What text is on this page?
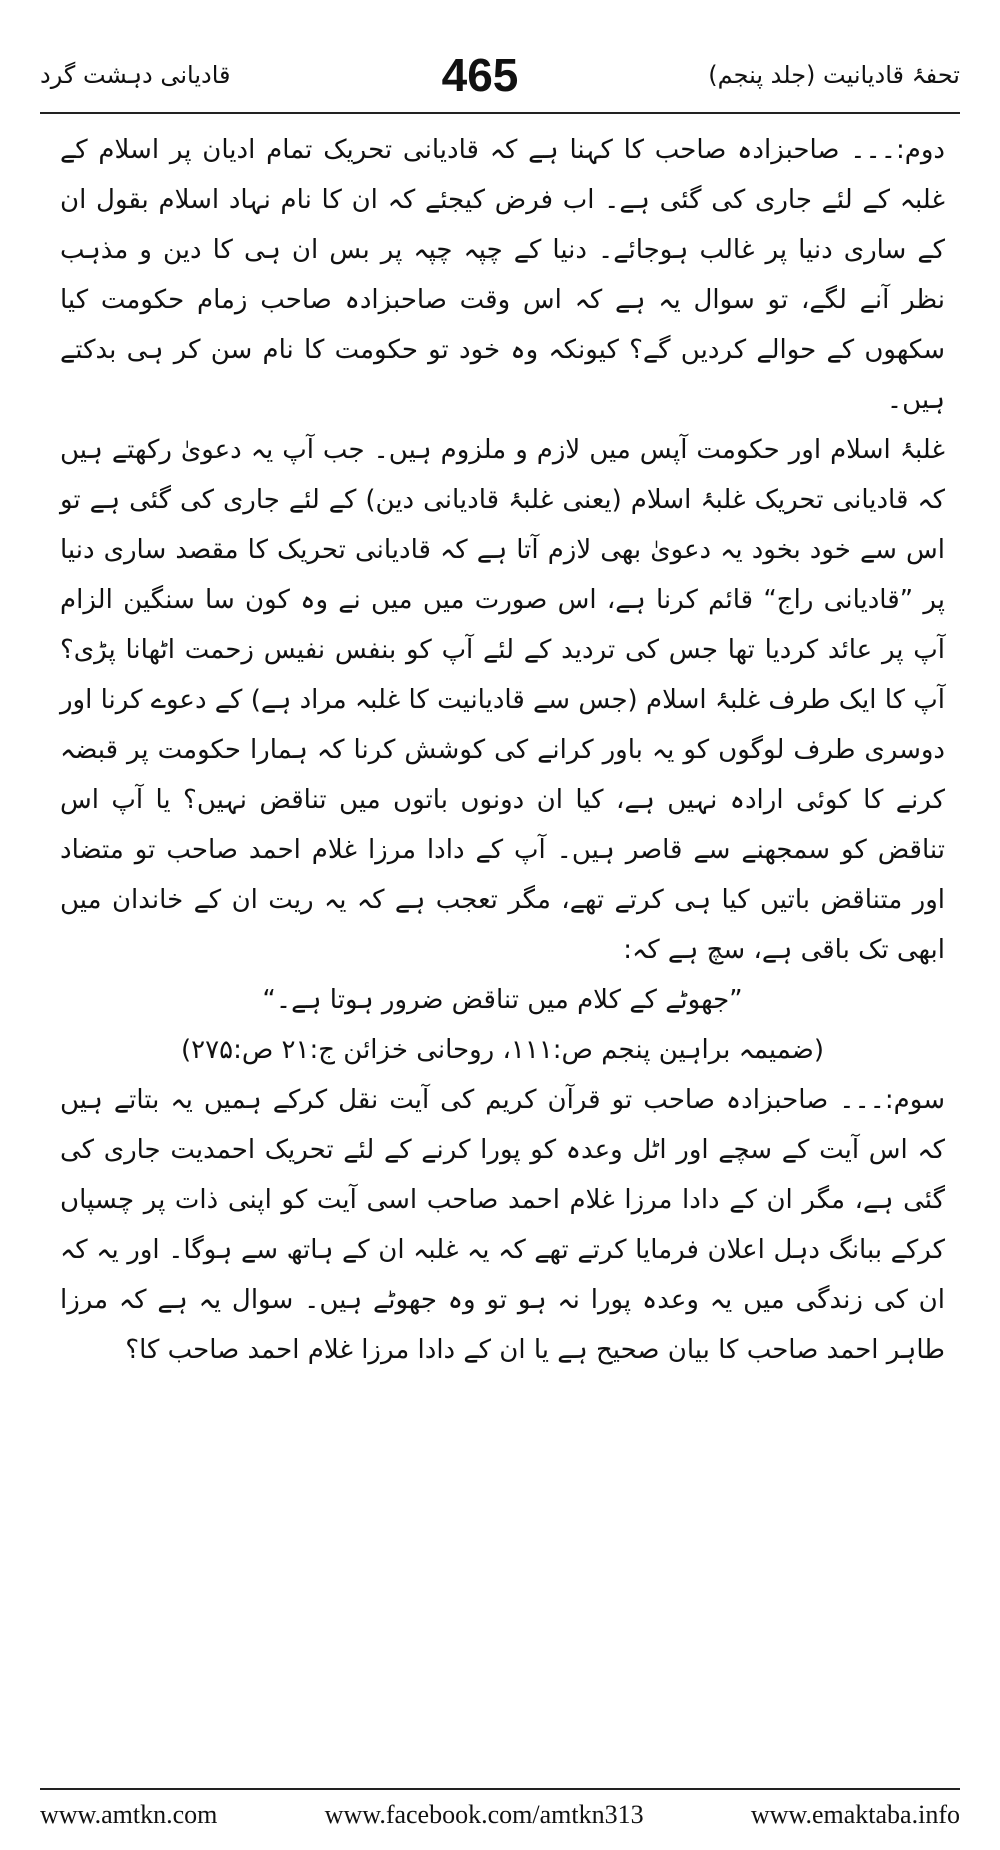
قادیانی دہشت گرد	465	تحفۂ قادیانیت (جلد پنجم)

دوم:۔۔۔ صاحبزادہ صاحب کا کہنا ہے کہ قادیانی تحریک تمام ادیان پر اسلام کے غلبہ کے لئے جاری کی گئی ہے۔ اب فرض کیجئے کہ ان کا نام نہاد اسلام بقول ان کے ساری دنیا پر غالب ہوجائے۔ دنیا کے چپہ چپہ پر بس ان ہی کا دین و مذہب نظر آنے لگے، تو سوال یہ ہے کہ اس وقت صاحبزادہ صاحب زمام حکومت کیا سکھوں کے حوالے کردیں گے؟ کیونکہ وہ خود تو حکومت کا نام سن کر ہی بدکتے ہیں۔

غلبۂ اسلام اور حکومت آپس میں لازم و ملزوم ہیں۔ جب آپ یہ دعویٰ رکھتے ہیں کہ قادیانی تحریک غلبۂ اسلام (یعنی غلبۂ قادیانی دین) کے لئے جاری کی گئی ہے تو اس سے خود بخود یہ دعویٰ بھی لازم آتا ہے کہ قادیانی تحریک کا مقصد ساری دنیا پر ”قادیانی راج“ قائم کرنا ہے، اس صورت میں میں نے وہ کون سا سنگین الزام آپ پر عائد کردیا تھا جس کی تردید کے لئے آپ کو بنفس نفیس زحمت اٹھانا پڑی؟ آپ کا ایک طرف غلبۂ اسلام (جس سے قادیانیت کا غلبہ مراد ہے) کے دعوے کرنا اور دوسری طرف لوگوں کو یہ باور کرانے کی کوشش کرنا کہ ہمارا حکومت پر قبضہ کرنے کا کوئی ارادہ نہیں ہے، کیا ان دونوں باتوں میں تناقض نہیں؟ یا آپ اس تناقض کو سمجھنے سے قاصر ہیں۔ آپ کے دادا مرزا غلام احمد صاحب تو متضاد اور متناقض باتیں کیا ہی کرتے تھے، مگر تعجب ہے کہ یہ ریت ان کے خاندان میں ابھی تک باقی ہے، سچ ہے کہ:

”جھوٹے کے کلام میں تناقض ضرور ہوتا ہے۔“

(ضمیمہ براہین پنجم ص:۱۱۱، روحانی خزائن ج:۲۱ ص:۲۷۵)

سوم:۔۔۔ صاحبزادہ صاحب تو قرآن کریم کی آیت نقل کرکے ہمیں یہ بتاتے ہیں کہ اس آیت کے سچے اور اٹل وعدہ کو پورا کرنے کے لئے تحریک احمدیت جاری کی گئی ہے، مگر ان کے دادا مرزا غلام احمد صاحب اسی آیت کو اپنی ذات پر چسپاں کرکے ببانگ دہل اعلان فرمایا کرتے تھے کہ یہ غلبہ ان کے ہاتھ سے ہوگا۔ اور یہ کہ ان کی زندگی میں یہ وعدہ پورا نہ ہو تو وہ جھوٹے ہیں۔ سوال یہ ہے کہ مرزا طاہر احمد صاحب کا بیان صحیح ہے یا ان کے دادا مرزا غلام احمد صاحب کا؟

www.amtkn.com	www.facebook.com/amtkn313	www.emaktaba.info
